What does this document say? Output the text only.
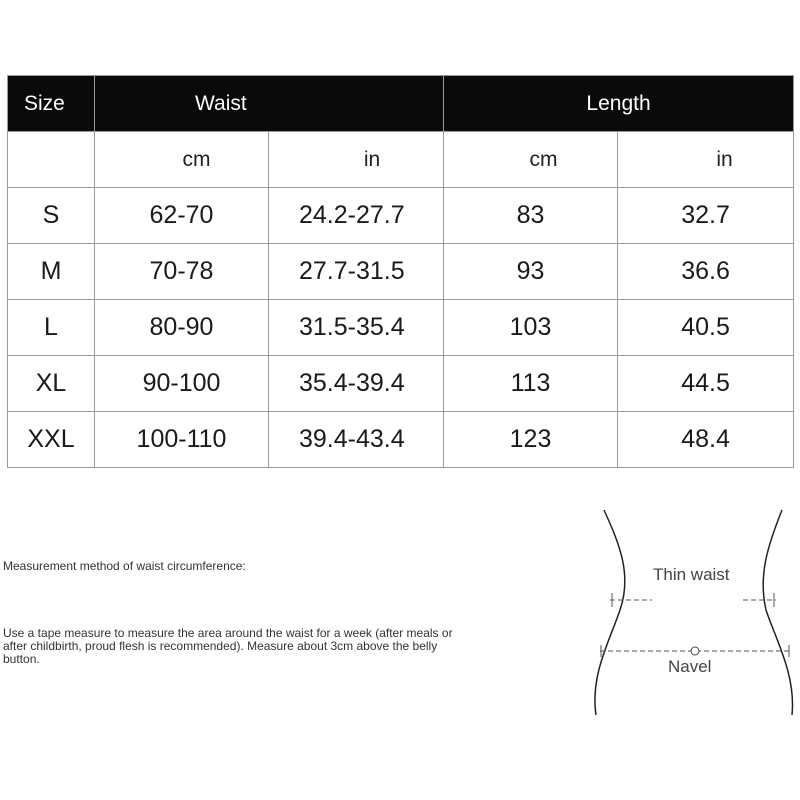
Size	Waist		Length	
	cm	in	cm	in
S	62-70	24.2-27.7	83	32.7
M	70-78	27.7-31.5	93	36.6
L	80-90	31.5-35.4	103	40.5
XL	90-100	35.4-39.4	113	44.5
XXL	100-110	39.4-43.4	123	48.4

Measurement method of waist circumference:

Use a tape measure to measure the area around the waist for a week (after meals or after childbirth, proud flesh is recommended). Measure about 3cm above the belly button.

Thin waist
Navel
